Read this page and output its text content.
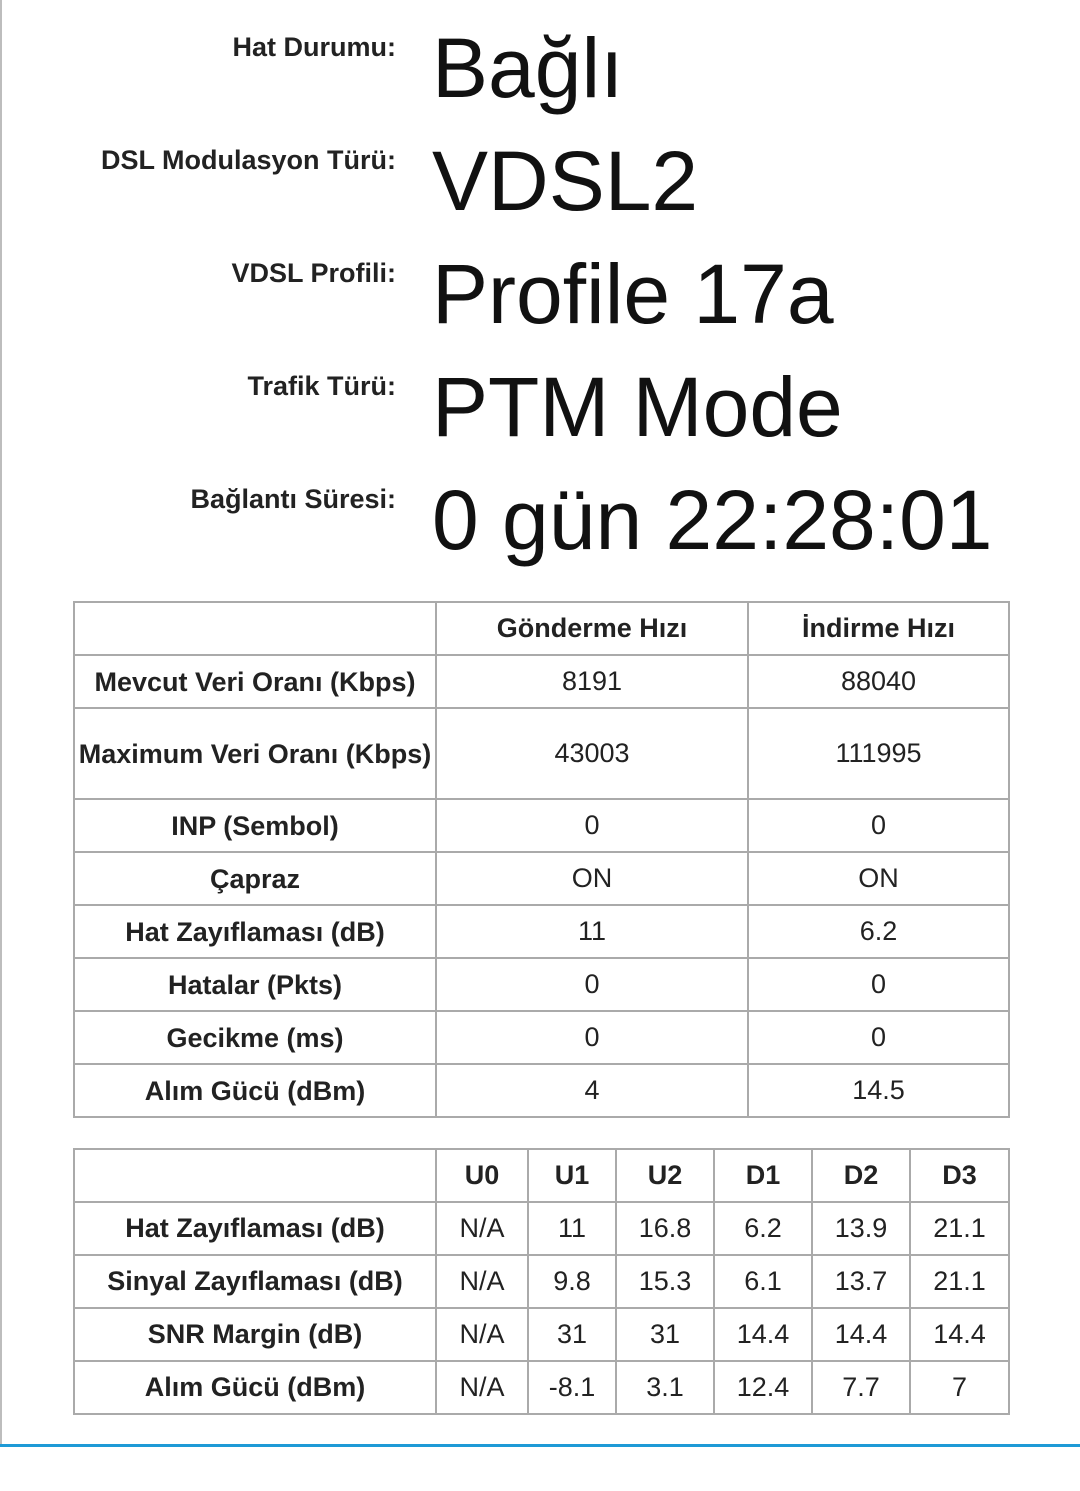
Hat Durumu: Bağlı
DSL Modulasyon Türü: VDSL2
VDSL Profili: Profile 17a
Trafik Türü: PTM Mode
Bağlantı Süresi: 0 gün 22:28:01
	Gönderme Hızı	İndirme Hızı
Mevcut Veri Oranı (Kbps)	8191	88040
Maximum Veri Oranı (Kbps)	43003	111995
INP (Sembol)	0	0
Çapraz	ON	ON
Hat Zayıflaması (dB)	11	6.2
Hatalar (Pkts)	0	0
Gecikme (ms)	0	0
Alım Gücü (dBm)	4	14.5
	U0	U1	U2	D1	D2	D3
Hat Zayıflaması (dB)	N/A	11	16.8	6.2	13.9	21.1
Sinyal Zayıflaması (dB)	N/A	9.8	15.3	6.1	13.7	21.1
SNR Margin (dB)	N/A	31	31	14.4	14.4	14.4
Alım Gücü (dBm)	N/A	-8.1	3.1	12.4	7.7	7
